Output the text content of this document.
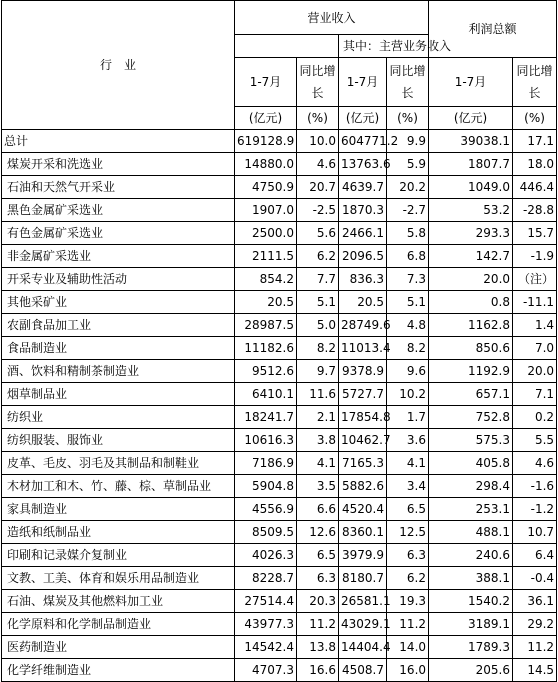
行　业	营业收入				利润总额	
			其中：主营业务收入			
	1-7月	同比增长	1-7月	同比增长	1-7月	同比增长
	(亿元)	(%)	(亿元)	(%)	(亿元)	(%)
总计	619128.9	10.0	604771.2	9.9	39038.1	17.1
煤炭开采和洗选业	14880.0	4.6	13763.6	5.9	1807.7	18.0
石油和天然气开采业	4750.9	20.7	4639.7	20.2	1049.0	446.4
黑色金属矿采选业	1907.0	-2.5	1870.3	-2.7	53.2	-28.8
有色金属矿采选业	2500.0	5.6	2466.1	5.8	293.3	15.7
非金属矿采选业	2111.5	6.2	2096.5	6.8	142.7	-1.9
开采专业及辅助性活动	854.2	7.7	836.3	7.3	20.0	（注）
其他采矿业	20.5	5.1	20.5	5.1	0.8	-11.1
农副食品加工业	28987.5	5.0	28749.6	4.8	1162.8	1.4
食品制造业	11182.6	8.2	11013.4	8.2	850.6	7.0
酒、饮料和精制茶制造业	9512.6	9.7	9378.9	9.6	1192.9	20.0
烟草制品业	6410.1	11.6	5727.7	10.2	657.1	7.1
纺织业	18241.7	2.1	17854.8	1.7	752.8	0.2
纺织服装、服饰业	10616.3	3.8	10462.7	3.6	575.3	5.5
皮革、毛皮、羽毛及其制品和制鞋业	7186.9	4.1	7165.3	4.1	405.8	4.6
木材加工和木、竹、藤、棕、草制品业	5904.8	3.5	5882.6	3.4	298.4	-1.6
家具制造业	4556.9	6.6	4520.4	6.5	253.1	-1.2
造纸和纸制品业	8509.5	12.6	8360.1	12.5	488.1	10.7
印刷和记录媒介复制业	4026.3	6.5	3979.9	6.3	240.6	6.4
文教、工美、体育和娱乐用品制造业	8228.7	6.3	8180.7	6.2	388.1	-0.4
石油、煤炭及其他燃料加工业	27514.4	20.3	26581.1	19.3	1540.2	36.1
化学原料和化学制品制造业	43977.3	11.2	43029.1	11.2	3189.1	29.2
医药制造业	14542.4	13.8	14404.4	14.0	1789.3	11.2
化学纤维制造业	4707.3	16.6	4508.7	16.0	205.6	14.5
